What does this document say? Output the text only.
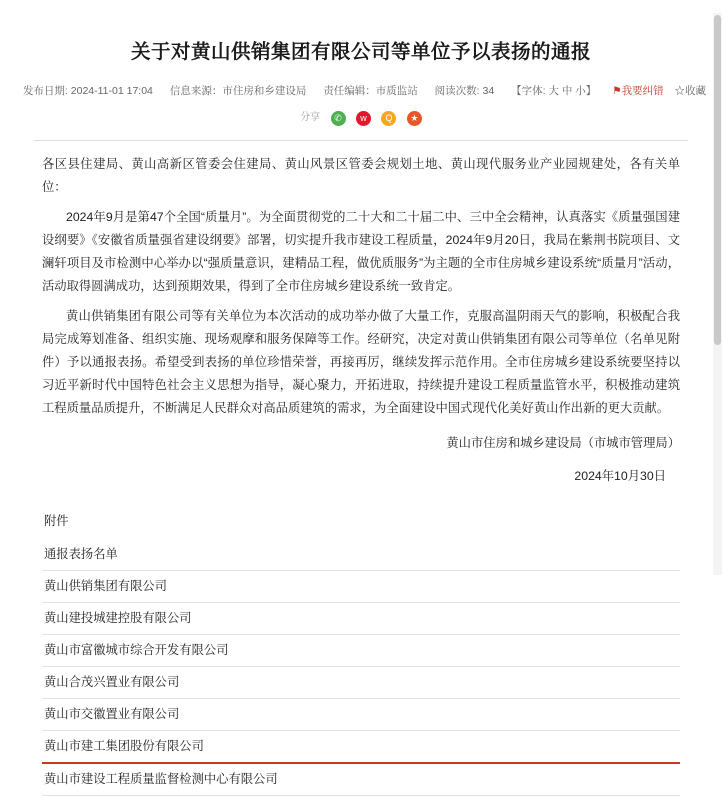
关于对黄山供销集团有限公司等单位予以表扬的通报
发布日期: 2024-11-01 17:04 信息来源：市住房和乡建设局 责任编辑：市质监站 阅读次数: 34 【字体: 大 中 小】 ⚑我要纠错 ☆收藏
分享 ✆ w Q ★

各区县住建局、黄山高新区管委会住建局、黄山风景区管委会规划土地、黄山现代服务业产业园规建处，各有关单位：

2024年9月是第47个全国“质量月”。为全面贯彻党的二十大和二十届二中、三中全会精神，认真落实《质量强国建设纲要》《安徽省质量强省建设纲要》部署，切实提升我市建设工程质量，2024年9月20日，我局在紫荆书院项目、文澜轩项目及市检测中心举办以“强质量意识，建精品工程，做优质服务”为主题的全市住房城乡建设系统“质量月”活动，活动取得圆满成功，达到预期效果，得到了全市住房城乡建设系统一致肯定。

黄山供销集团有限公司等有关单位为本次活动的成功举办做了大量工作，克服高温阴雨天气的影响，积极配合我局完成筹划准备、组织实施、现场观摩和服务保障等工作。经研究，决定对黄山供销集团有限公司等单位（名单见附件）予以通报表扬。希望受到表扬的单位珍惜荣誉，再接再厉，继续发挥示范作用。全市住房城乡建设系统要坚持以习近平新时代中国特色社会主义思想为指导，凝心聚力，开拓进取，持续提升建设工程质量监管水平，积极推动建筑工程质量品质提升，不断满足人民群众对高品质建筑的需求，为全面建设中国式现代化美好黄山作出新的更大贡献。

黄山市住房和城乡建设局（市城市管理局）

2024年10月30日

附件

通报表扬名单
黄山供销集团有限公司
黄山建投城建控股有限公司
黄山市富徽城市综合开发有限公司
黄山合茂兴置业有限公司
黄山市交徽置业有限公司
黄山市建工集团股份有限公司
黄山市建设工程质量监督检测中心有限公司
